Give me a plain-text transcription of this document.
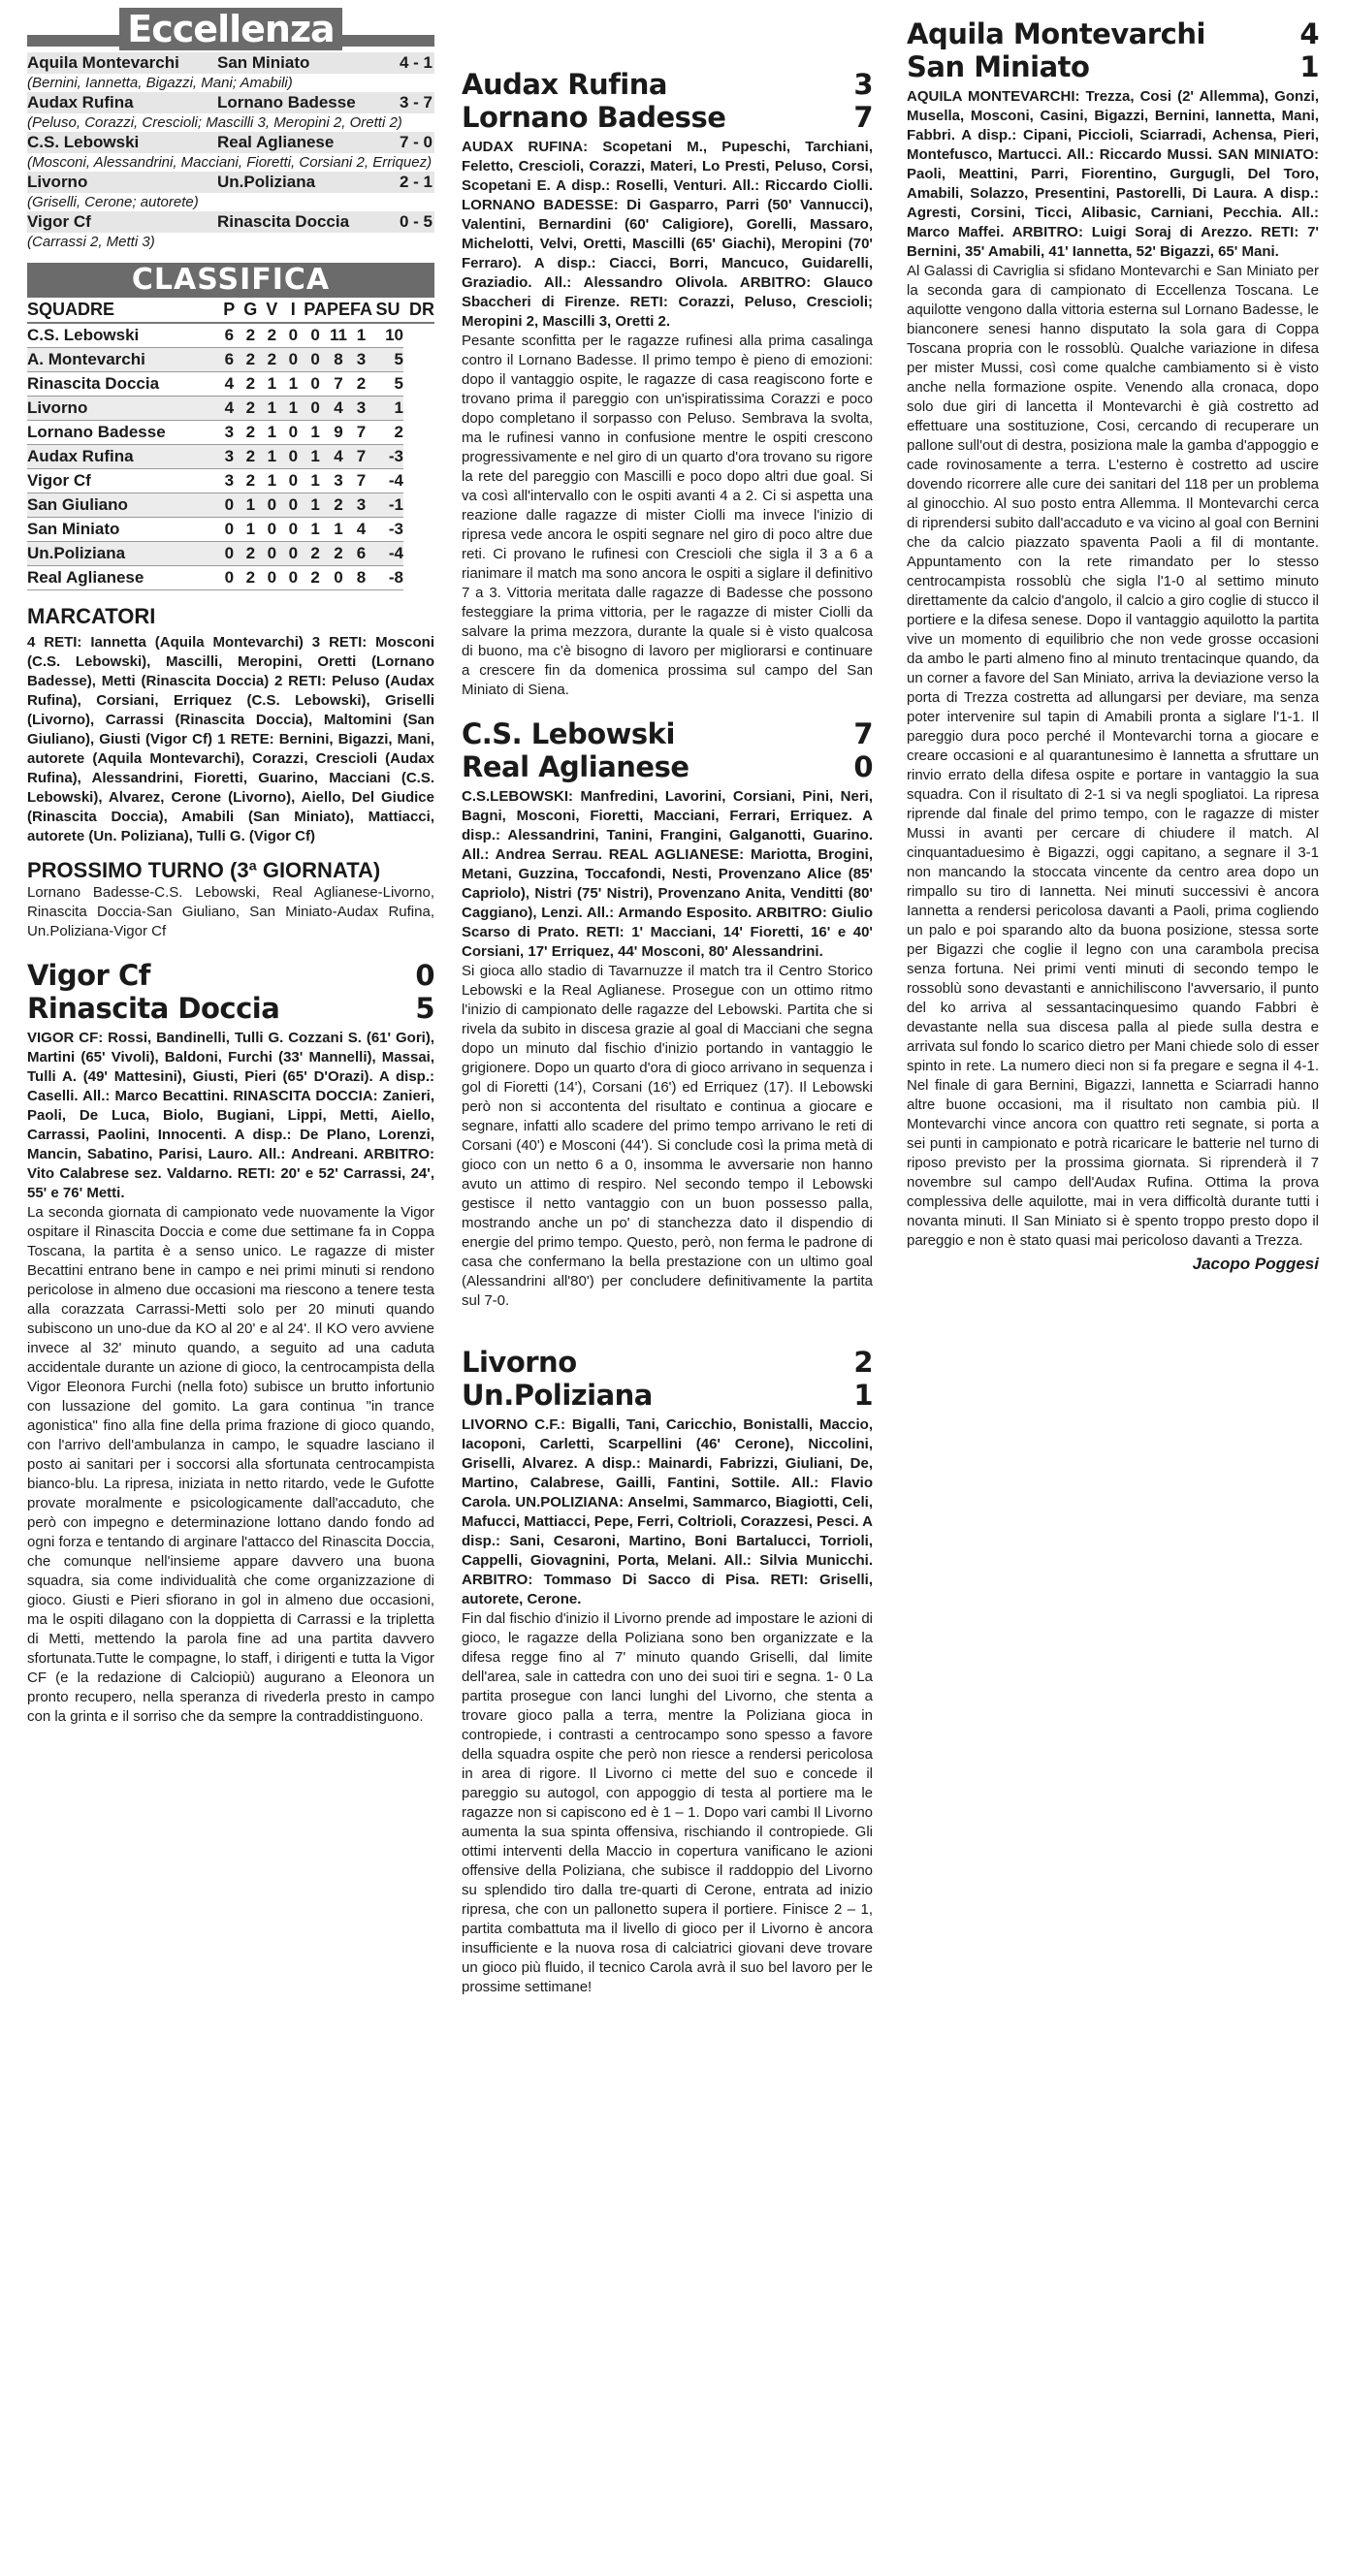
Eccellenza
Aquila Montevarchi	San Miniato	4 - 1
(Bernini, Iannetta, Bigazzi, Mani; Amabili)
Audax Rufina	Lornano Badesse	3 - 7
(Peluso, Corazzi, Crescioli; Mascilli 3, Meropini 2, Oretti 2)
C.S. Lebowski	Real Aglianese	7 - 0
(Mosconi, Alessandrini, Macciani, Fioretti, Corsiani 2, Erriquez)
Livorno	Un.Poliziana	2 - 1
(Griselli, Cerone; autorete)
Vigor Cf	Rinascita Doccia	0 - 5
(Carrassi 2, Metti 3)
CLASSIFICA
SQUADRE	P	G	V	I	PA	PE	FA	SU	DR
C.S. Lebowski	6	2	2	0	0	11	1	10	
A. Montevarchi	6	2	2	0	0	8	3	5	
Rinascita Doccia	4	2	1	1	0	7	2	5	
Livorno	4	2	1	1	0	4	3	1	
Lornano Badesse	3	2	1	0	1	9	7	2	
Audax Rufina	3	2	1	0	1	4	7	-3	
Vigor Cf	3	2	1	0	1	3	7	-4	
San Giuliano	0	1	0	0	1	2	3	-1	
San Miniato	0	1	0	0	1	1	4	-3	
Un.Poliziana	0	2	0	0	2	2	6	-4	
Real Aglianese	0	2	0	0	2	0	8	-8	
MARCATORI
4 RETI: Iannetta (Aquila Montevarchi) 3 RETI: Mosconi (C.S. Lebowski), Mascilli, Meropini, Oretti (Lornano Badesse), Metti (Rinascita Doccia) 2 RETI: Peluso (Audax Rufina), Corsiani, Erriquez (C.S. Lebowski), Griselli (Livorno), Carrassi (Rinascita Doccia), Maltomini (San Giuliano), Giusti (Vigor Cf) 1 RETE: Bernini, Bigazzi, Mani, autorete (Aquila Montevarchi), Corazzi, Crescioli (Audax Rufina), Alessandrini, Fioretti, Guarino, Macciani (C.S. Lebowski), Alvarez, Cerone (Livorno), Aiello, Del Giudice (Rinascita Doccia), Amabili (San Miniato), Mattiacci, autorete (Un. Poliziana), Tulli G. (Vigor Cf)
PROSSIMO TURNO (3ª GIORNATA)
Lornano Badesse-C.S. Lebowski, Real Aglianese-Livorno, Rinascita Doccia-San Giuliano, San Miniato-Audax Rufina, Un.Poliziana-Vigor Cf
Vigor Cf	0
Rinascita Doccia	5
VIGOR CF: Rossi, Bandinelli, Tulli G. Cozzani S. (61' Gori), Martini (65' Vivoli), Baldoni, Furchi (33' Mannelli), Massai, Tulli A. (49' Mattesini), Giusti, Pieri (65' D'Orazi). A disp.: Caselli. All.: Marco Becattini. RINASCITA DOCCIA: Zanieri, Paoli, De Luca, Biolo, Bugiani, Lippi, Metti, Aiello, Carrassi, Paolini, Innocenti. A disp.: De Plano, Lorenzi, Mancin, Sabatino, Parisi, Lauro. All.: Andreani. ARBITRO: Vito Calabrese sez. Valdarno. RETI: 20' e 52' Carrassi, 24', 55' e 76' Metti.
La seconda giornata di campionato vede nuovamente la Vigor ospitare il Rinascita Doccia e come due settimane fa in Coppa Toscana, la partita è a senso unico. Le ragazze di mister Becattini entrano bene in campo e nei primi minuti si rendono pericolose in almeno due occasioni ma riescono a tenere testa alla corazzata Carrassi-Metti solo per 20 minuti quando subiscono un uno-due da KO al 20' e al 24'. Il KO vero avviene invece al 32' minuto quando, a seguito ad una caduta accidentale durante un azione di gioco, la centrocampista della Vigor Eleonora Furchi (nella foto) subisce un brutto infortunio con lussazione del gomito. La gara continua "in trance agonistica" fino alla fine della prima frazione di gioco quando, con l'arrivo dell'ambulanza in campo, le squadre lasciano il posto ai sanitari per i soccorsi alla sfortunata centrocampista bianco-blu. La ripresa, iniziata in netto ritardo, vede le Gufotte provate moralmente e psicologicamente dall'accaduto, che però con impegno e determinazione lottano dando fondo ad ogni forza e tentando di arginare l'attacco del Rinascita Doccia, che comunque nell'insieme appare davvero una buona squadra, sia come individualità che come organizzazione di gioco. Giusti e Pieri sfiorano in gol in almeno due occasioni, ma le ospiti dilagano con la doppietta di Carrassi e la tripletta di Metti, mettendo la parola fine ad una partita davvero sfortunata.Tutte le compagne, lo staff, i dirigenti e tutta la Vigor CF (e la redazione di Calciopiù) augurano a Eleonora un pronto recupero, nella speranza di rivederla presto in campo con la grinta e il sorriso che da sempre la contraddistinguono.
Audax Rufina	3
Lornano Badesse	7
AUDAX RUFINA: Scopetani M., Pupeschi, Tarchiani, Feletto, Crescioli, Corazzi, Materi, Lo Presti, Peluso, Corsi, Scopetani E. A disp.: Roselli, Venturi. All.: Riccardo Ciolli. LORNANO BADESSE: Di Gasparro, Parri (50' Vannucci), Valentini, Bernardini (60' Caligiore), Gorelli, Massaro, Michelotti, Velvi, Oretti, Mascilli (65' Giachi), Meropini (70' Ferraro). A disp.: Ciacci, Borri, Mancuco, Guidarelli, Graziadio. All.: Alessandro Olivola. ARBITRO: Glauco Sbaccheri di Firenze. RETI: Corazzi, Peluso, Crescioli; Meropini 2, Mascilli 3, Oretti 2.
Pesante sconfitta per le ragazze rufinesi alla prima casalinga contro il Lornano Badesse. Il primo tempo è pieno di emozioni: dopo il vantaggio ospite, le ragazze di casa reagiscono forte e trovano prima il pareggio con un'ispiratissima Corazzi e poco dopo completano il sorpasso con Peluso. Sembrava la svolta, ma le rufinesi vanno in confusione mentre le ospiti crescono progressivamente e nel giro di un quarto d'ora trovano su rigore la rete del pareggio con Mascilli e poco dopo altri due goal. Si va così all'intervallo con le ospiti avanti 4 a 2. Ci si aspetta una reazione dalle ragazze di mister Ciolli ma invece l'inizio di ripresa vede ancora le ospiti segnare nel giro di poco altre due reti. Ci provano le rufinesi con Crescioli che sigla il 3 a 6 a rianimare il match ma sono ancora le ospiti a siglare il definitivo 7 a 3. Vittoria meritata dalle ragazze di Badesse che possono festeggiare la prima vittoria, per le ragazze di mister Ciolli da salvare la prima mezzora, durante la quale si è visto qualcosa di buono, ma c'è bisogno di lavoro per migliorarsi e continuare a crescere fin da domenica prossima sul campo del San Miniato di Siena.
C.S. Lebowski	7
Real Aglianese	0
C.S.LEBOWSKI: Manfredini, Lavorini, Corsiani, Pini, Neri, Bagni, Mosconi, Fioretti, Macciani, Ferrari, Erriquez. A disp.: Alessandrini, Tanini, Frangini, Galganotti, Guarino. All.: Andrea Serrau. REAL AGLIANESE: Mariotta, Brogini, Metani, Guzzina, Toccafondi, Nesti, Provenzano Alice (85' Capriolo), Nistri (75' Nistri), Provenzano Anita, Venditti (80' Caggiano), Lenzi. All.: Armando Esposito. ARBITRO: Giulio Scarso di Prato. RETI: 1' Macciani, 14' Fioretti, 16' e 40' Corsiani, 17' Erriquez, 44' Mosconi, 80' Alessandrini.
Si gioca allo stadio di Tavarnuzze il match tra il Centro Storico Lebowski e la Real Aglianese. Prosegue con un ottimo ritmo l'inizio di campionato delle ragazze del Lebowski. Partita che si rivela da subito in discesa grazie al goal di Macciani che segna dopo un minuto dal fischio d'inizio portando in vantaggio le grigionere. Dopo un quarto d'ora di gioco arrivano in sequenza i gol di Fioretti (14'), Corsani (16') ed Erriquez (17). Il Lebowski però non si accontenta del risultato e continua a giocare e segnare, infatti allo scadere del primo tempo arrivano le reti di Corsani (40') e Mosconi (44'). Si conclude così la prima metà di gioco con un netto 6 a 0, insomma le avversarie non hanno avuto un attimo di respiro. Nel secondo tempo il Lebowski gestisce il netto vantaggio con un buon possesso palla, mostrando anche un po' di stanchezza dato il dispendio di energie del primo tempo. Questo, però, non ferma le padrone di casa che confermano la bella prestazione con un ultimo goal (Alessandrini all'80') per concludere definitivamente la partita sul 7-0.
Livorno	2
Un.Poliziana	1
LIVORNO C.F.: Bigalli, Tani, Caricchio, Bonistalli, Maccio, Iacoponi, Carletti, Scarpellini (46' Cerone), Niccolini, Griselli, Alvarez. A disp.: Mainardi, Fabrizzi, Giuliani, De, Martino, Calabrese, Gailli, Fantini, Sottile. All.: Flavio Carola. UN.POLIZIANA: Anselmi, Sammarco, Biagiotti, Celi, Mafucci, Mattiacci, Pepe, Ferri, Coltrioli, Corazzesi, Pesci. A disp.: Sani, Cesaroni, Martino, Boni Bartalucci, Torrioli, Cappelli, Giovagnini, Porta, Melani. All.: Silvia Municchi. ARBITRO: Tommaso Di Sacco di Pisa. RETI: Griselli, autorete, Cerone.
Fin dal fischio d'inizio il Livorno prende ad impostare le azioni di gioco, le ragazze della Poliziana sono ben organizzate e la difesa regge fino al 7' minuto quando Griselli, dal limite dell'area, sale in cattedra con uno dei suoi tiri e segna. 1- 0 La partita prosegue con lanci lunghi del Livorno, che stenta a trovare gioco palla a terra, mentre la Poliziana gioca in contropiede, i contrasti a centrocampo sono spesso a favore della squadra ospite che però non riesce a rendersi pericolosa in area di rigore. Il Livorno ci mette del suo e concede il pareggio su autogol, con appoggio di testa al portiere ma le ragazze non si capiscono ed è 1 – 1. Dopo vari cambi Il Livorno aumenta la sua spinta offensiva, rischiando il contropiede. Gli ottimi interventi della Maccio in copertura vanificano le azioni offensive della Poliziana, che subisce il raddoppio del Livorno su splendido tiro dalla tre-quarti di Cerone, entrata ad inizio ripresa, che con un pallonetto supera il portiere. Finisce 2 – 1, partita combattuta ma il livello di gioco per il Livorno è ancora insufficiente e la nuova rosa di calciatrici giovani deve trovare un gioco più fluido, il tecnico Carola avrà il suo bel lavoro per le prossime settimane!
Aquila Montevarchi	4
San Miniato	1
AQUILA MONTEVARCHI: Trezza, Cosi (2' Allemma), Gonzi, Musella, Mosconi, Casini, Bigazzi, Bernini, Iannetta, Mani, Fabbri. A disp.: Cipani, Piccioli, Sciarradi, Achensa, Pieri, Montefusco, Martucci. All.: Riccardo Mussi. SAN MINIATO: Paoli, Meattini, Parri, Fiorentino, Gurgugli, Del Toro, Amabili, Solazzo, Presentini, Pastorelli, Di Laura. A disp.: Agresti, Corsini, Ticci, Alibasic, Carniani, Pecchia. All.: Marco Maffei. ARBITRO: Luigi Soraj di Arezzo. RETI: 7' Bernini, 35' Amabili, 41' Iannetta, 52' Bigazzi, 65' Mani.
Al Galassi di Cavriglia si sfidano Montevarchi e San Miniato per la seconda gara di campionato di Eccellenza Toscana. Le aquilotte vengono dalla vittoria esterna sul Lornano Badesse, le bianconere senesi hanno disputato la sola gara di Coppa Toscana propria con le rossoblù. Qualche variazione in difesa per mister Mussi, così come qualche cambiamento si è visto anche nella formazione ospite. Venendo alla cronaca, dopo solo due giri di lancetta il Montevarchi è già costretto ad effettuare una sostituzione, Cosi, cercando di recuperare un pallone sull'out di destra, posiziona male la gamba d'appoggio e cade rovinosamente a terra. L'esterno è costretto ad uscire dovendo ricorrere alle cure dei sanitari del 118 per un problema al ginocchio. Al suo posto entra Allemma. Il Montevarchi cerca di riprendersi subito dall'accaduto e va vicino al goal con Bernini che da calcio piazzato spaventa Paoli a fil di montante. Appuntamento con la rete rimandato per lo stesso centrocampista rossoblù che sigla l'1-0 al settimo minuto direttamente da calcio d'angolo, il calcio a giro coglie di stucco il portiere e la difesa senese. Dopo il vantaggio aquilotto la partita vive un momento di equilibrio che non vede grosse occasioni da ambo le parti almeno fino al minuto trentacinque quando, da un corner a favore del San Miniato, arriva la deviazione verso la porta di Trezza costretta ad allungarsi per deviare, ma senza poter intervenire sul tapin di Amabili pronta a siglare l'1-1. Il pareggio dura poco perché il Montevarchi torna a giocare e creare occasioni e al quarantunesimo è Iannetta a sfruttare un rinvio errato della difesa ospite e portare in vantaggio la sua squadra. Con il risultato di 2-1 si va negli spogliatoi. La ripresa riprende dal finale del primo tempo, con le ragazze di mister Mussi in avanti per cercare di chiudere il match. Al cinquantaduesimo è Bigazzi, oggi capitano, a segnare il 3-1 non mancando la stoccata vincente da centro area dopo un rimpallo su tiro di Iannetta. Nei minuti successivi è ancora Iannetta a rendersi pericolosa davanti a Paoli, prima cogliendo un palo e poi sparando alto da buona posizione, stessa sorte per Bigazzi che coglie il legno con una carambola precisa senza fortuna. Nei primi venti minuti di secondo tempo le rossoblù sono devastanti e annichiliscono l'avversario, il punto del ko arriva al sessantacinquesimo quando Fabbri è devastante nella sua discesa palla al piede sulla destra e arrivata sul fondo lo scarico dietro per Mani chiede solo di esser spinto in rete. La numero dieci non si fa pregare e segna il 4-1. Nel finale di gara Bernini, Bigazzi, Iannetta e Sciarradi hanno altre buone occasioni, ma il risultato non cambia più. Il Montevarchi vince ancora con quattro reti segnate, si porta a sei punti in campionato e potrà ricaricare le batterie nel turno di riposo previsto per la prossima giornata. Si riprenderà il 7 novembre sul campo dell'Audax Rufina. Ottima la prova complessiva delle aquilotte, mai in vera difficoltà durante tutti i novanta minuti. Il San Miniato si è spento troppo presto dopo il pareggio e non è stato quasi mai pericoloso davanti a Trezza.
Jacopo Poggesi
